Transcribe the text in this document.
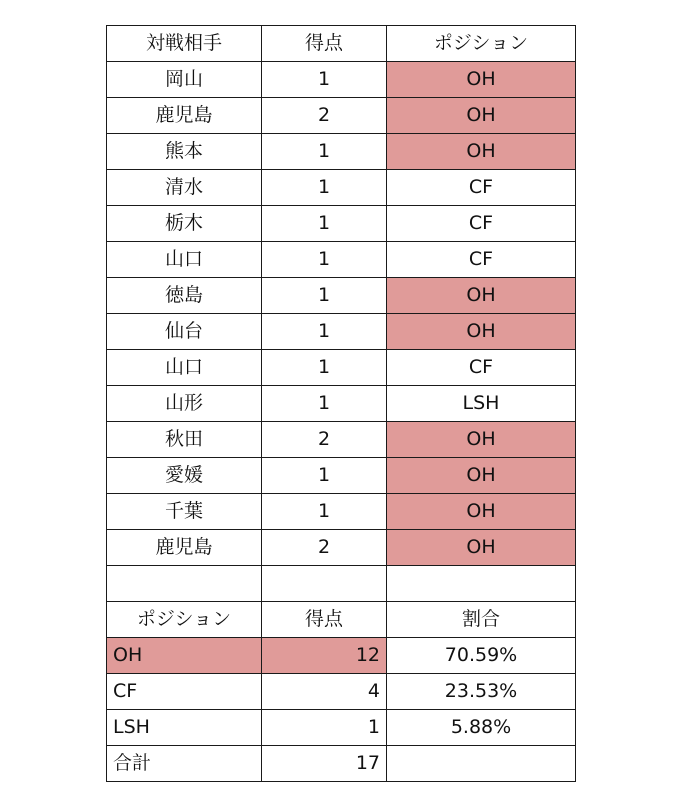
対戦相手	得点	ポジション
岡山	1	OH
鹿児島	2	OH
熊本	1	OH
清水	1	CF
栃木	1	CF
山口	1	CF
徳島	1	OH
仙台	1	OH
山口	1	CF
山形	1	LSH
秋田	2	OH
愛媛	1	OH
千葉	1	OH
鹿児島	2	OH

ポジション	得点	割合
OH	12	70.59%
CF	4	23.53%
LSH	1	5.88%
合計	17	
